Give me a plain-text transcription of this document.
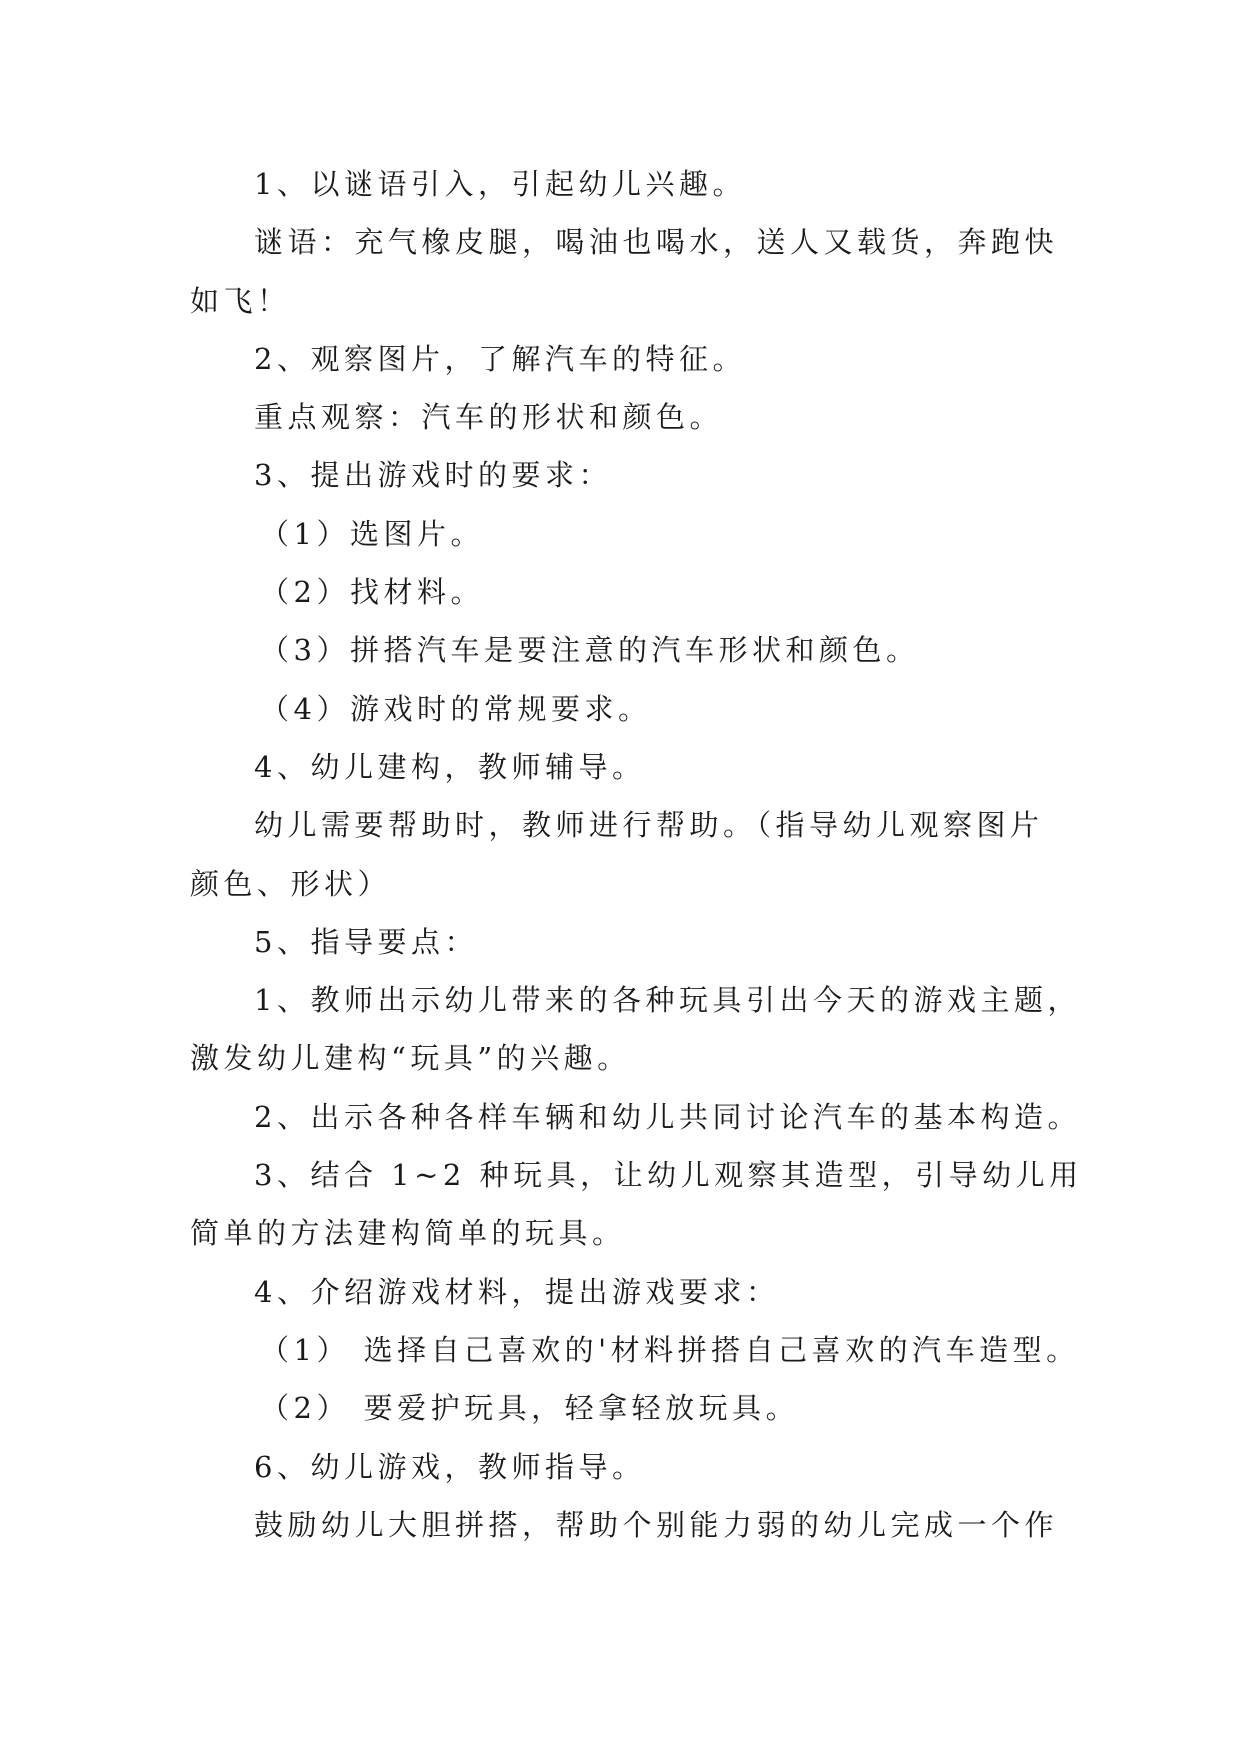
1、以谜语引入，引起幼儿兴趣。

谜语：充气橡皮腿，喝油也喝水，送人又载货，奔跑快

如飞！

2、观察图片，了解汽车的特征。

重点观察：汽车的形状和颜色。

3、提出游戏时的要求：

（1）选图片。

（2）找材料。

（3）拼搭汽车是要注意的汽车形状和颜色。

（4）游戏时的常规要求。

4、幼儿建构，教师辅导。

幼儿需要帮助时，教师进行帮助。（指导幼儿观察图片

颜色、形状）

5、指导要点：

1、教师出示幼儿带来的各种玩具引出今天的游戏主题，

激发幼儿建构“玩具”的兴趣。

2、出示各种各样车辆和幼儿共同讨论汽车的基本构造。

3、结合 1~2 种玩具，让幼儿观察其造型，引导幼儿用

简单的方法建构简单的玩具。

4、介绍游戏材料，提出游戏要求：

（1） 选择自己喜欢的'材料拼搭自己喜欢的汽车造型。

（2） 要爱护玩具，轻拿轻放玩具。

6、幼儿游戏，教师指导。

鼓励幼儿大胆拼搭，帮助个别能力弱的幼儿完成一个作
